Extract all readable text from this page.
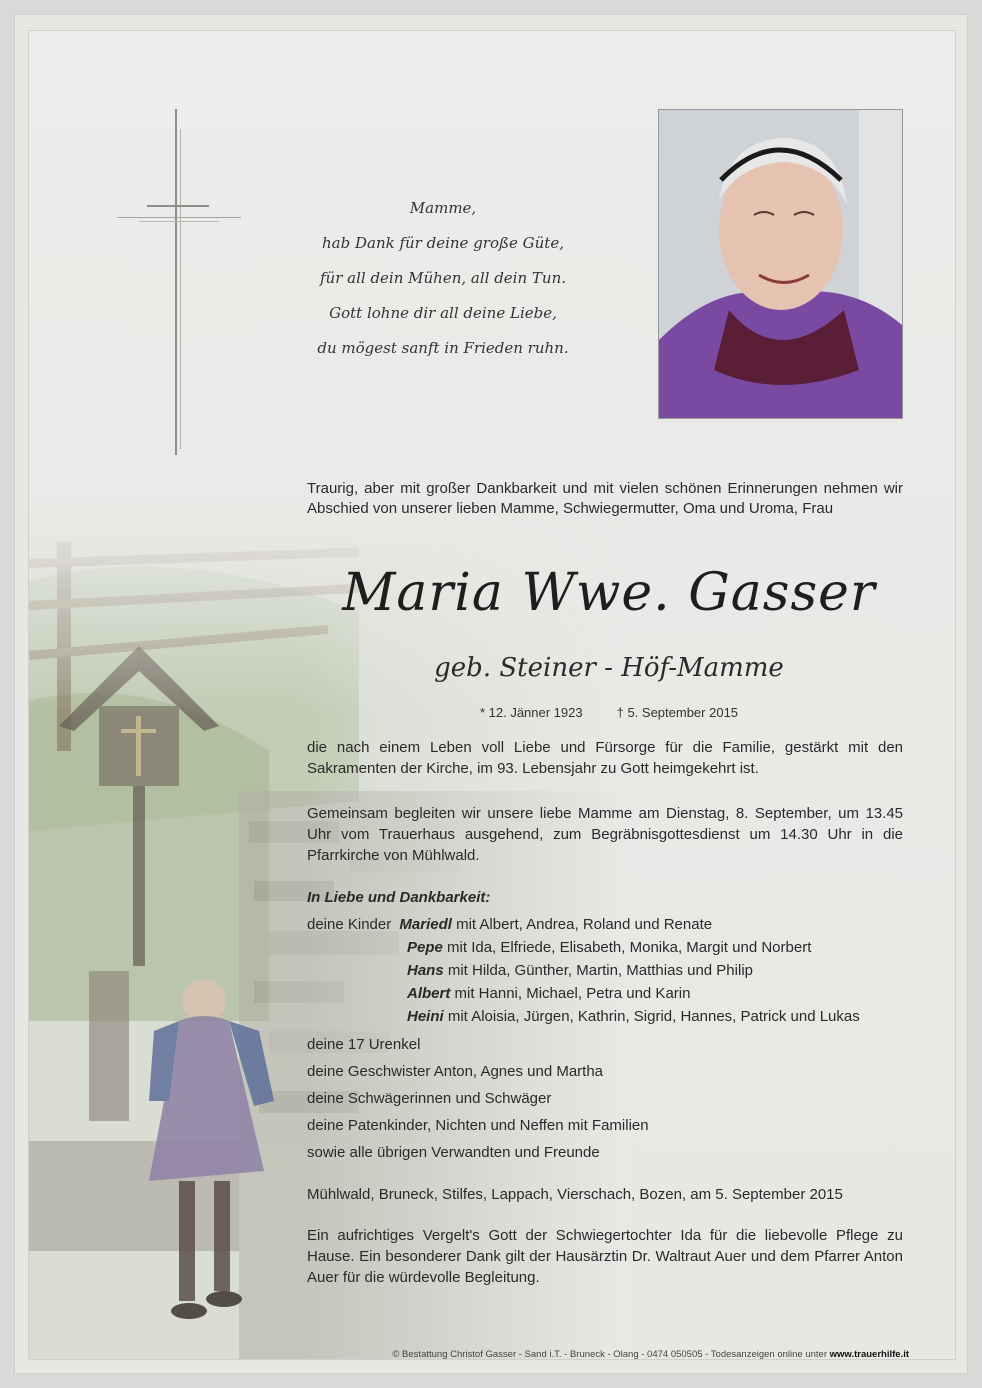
Mamme,
hab Dank für deine große Güte,
für all dein Mühen, all dein Tun.
Gott lohne dir all deine Liebe,
du mögest sanft in Frieden ruhn.
Traurig, aber mit großer Dankbarkeit und mit vielen schönen Erinnerungen nehmen wir Abschied von unserer lieben Mamme, Schwiegermutter, Oma und Uroma, Frau
Maria Wwe. Gasser
geb. Steiner - Höf-Mamme
* 12. Jänner 1923	† 5. September 2015
die nach einem Leben voll Liebe und Fürsorge für die Familie, gestärkt mit den Sakramenten der Kirche, im 93. Lebensjahr zu Gott heimgekehrt ist.
Gemeinsam begleiten wir unsere liebe Mamme am Dienstag, 8. September, um 13.45 Uhr vom Trauerhaus ausgehend, zum Begräbnisgottesdienst um 14.30 Uhr in die Pfarrkirche von Mühlwald.
In Liebe und Dankbarkeit:
deine Kinder Mariedl mit Albert, Andrea, Roland und Renate
Pepe mit Ida, Elfriede, Elisabeth, Monika, Margit und Norbert
Hans mit Hilda, Günther, Martin, Matthias und Philip
Albert mit Hanni, Michael, Petra und Karin
Heini mit Aloisia, Jürgen, Kathrin, Sigrid, Hannes, Patrick und Lukas
deine 17 Urenkel
deine Geschwister Anton, Agnes und Martha
deine Schwägerinnen und Schwäger
deine Patenkinder, Nichten und Neffen mit Familien
sowie alle übrigen Verwandten und Freunde
Mühlwald, Bruneck, Stilfes, Lappach, Vierschach, Bozen, am 5. September 2015
Ein aufrichtiges Vergelt's Gott der Schwiegertochter Ida für die liebevolle Pflege zu Hause. Ein besonderer Dank gilt der Hausärztin Dr. Waltraut Auer und dem Pfarrer Anton Auer für die würdevolle Begleitung.
© Bestattung Christof Gasser - Sand i.T. - Bruneck - Olang - 0474 050505 - Todesanzeigen online unter www.trauerhilfe.it
